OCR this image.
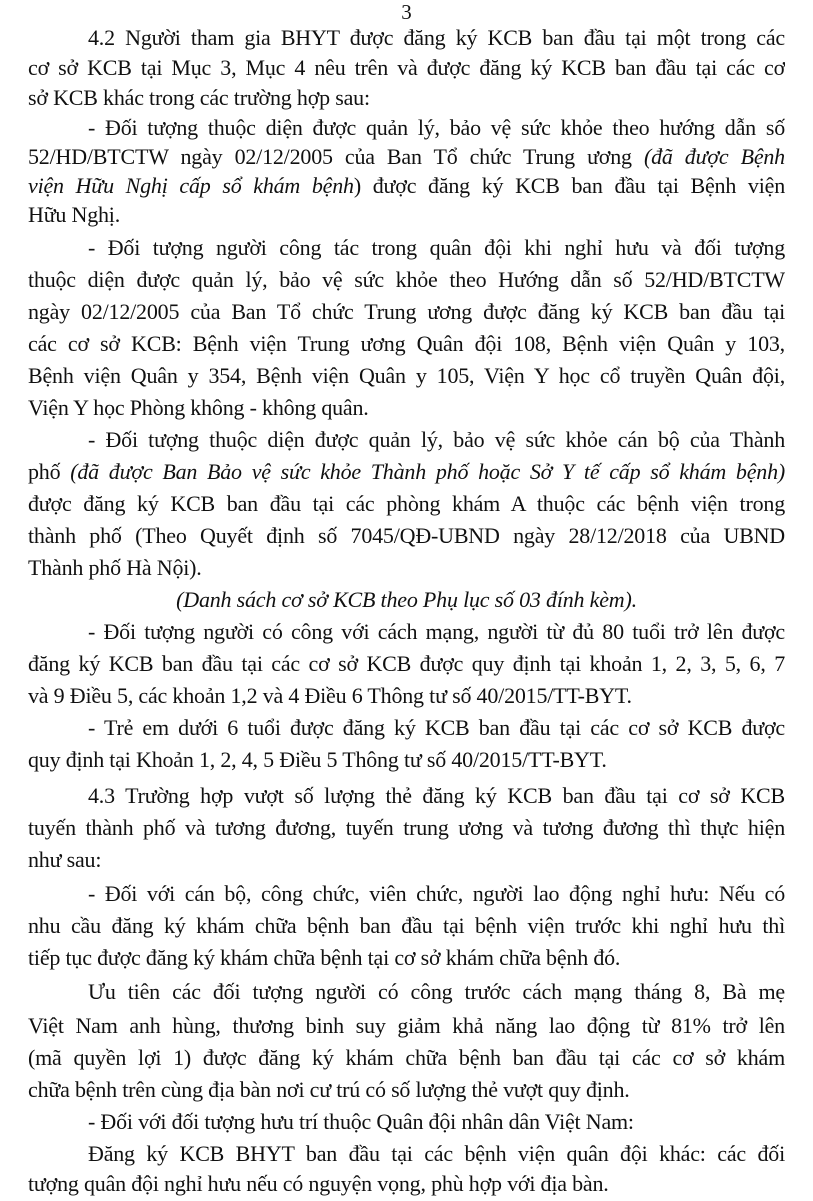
3
4.2 Người tham gia BHYT được đăng ký KCB ban đầu tại một trong các
cơ sở KCB tại Mục 3, Mục 4 nêu trên và được đăng ký KCB ban đầu tại các cơ
sở KCB khác trong các trường hợp sau:
- Đối tượng thuộc diện được quản lý, bảo vệ sức khỏe theo hướng dẫn số
52/HD/BTCTW ngày 02/12/2005 của Ban Tổ chức Trung ương (đã được Bệnh
viện Hữu Nghị cấp sổ khám bệnh) được đăng ký KCB ban đầu tại Bệnh viện
Hữu Nghị.
- Đối tượng người công tác trong quân đội khi nghỉ hưu và đối tượng
thuộc diện được quản lý, bảo vệ sức khỏe theo Hướng dẫn số 52/HD/BTCTW
ngày 02/12/2005 của Ban Tổ chức Trung ương được đăng ký KCB ban đầu tại
các cơ sở KCB: Bệnh viện Trung ương Quân đội 108, Bệnh viện Quân y 103,
Bệnh viện Quân y 354, Bệnh viện Quân y 105, Viện Y học cổ truyền Quân đội,
Viện Y học Phòng không - không quân.
- Đối tượng thuộc diện được quản lý, bảo vệ sức khỏe cán bộ của Thành
phố (đã được Ban Bảo vệ sức khỏe Thành phố hoặc Sở Y tế cấp sổ khám bệnh)
được đăng ký KCB ban đầu tại các phòng khám A thuộc các bệnh viện trong
thành phố (Theo Quyết định số 7045/QĐ-UBND ngày 28/12/2018 của UBND
Thành phố Hà Nội).
(Danh sách cơ sở KCB theo Phụ lục số 03 đính kèm).
- Đối tượng người có công với cách mạng, người từ đủ 80 tuổi trở lên được
đăng ký KCB ban đầu tại các cơ sở KCB được quy định tại khoản 1, 2, 3, 5, 6, 7
và 9 Điều 5, các khoản 1,2 và 4 Điều 6 Thông tư số 40/2015/TT-BYT.
- Trẻ em dưới 6 tuổi được đăng ký KCB ban đầu tại các cơ sở KCB được
quy định tại Khoản 1, 2, 4, 5 Điều 5 Thông tư số 40/2015/TT-BYT.
4.3 Trường hợp vượt số lượng thẻ đăng ký KCB ban đầu tại cơ sở KCB
tuyến thành phố và tương đương, tuyến trung ương và tương đương thì thực hiện
như sau:
- Đối với cán bộ, công chức, viên chức, người lao động nghỉ hưu: Nếu có
nhu cầu đăng ký khám chữa bệnh ban đầu tại bệnh viện trước khi nghỉ hưu thì
tiếp tục được đăng ký khám chữa bệnh tại cơ sở khám chữa bệnh đó.
Ưu tiên các đối tượng người có công trước cách mạng tháng 8, Bà mẹ
Việt Nam anh hùng, thương binh suy giảm khả năng lao động từ 81% trở lên
(mã quyền lợi 1) được đăng ký khám chữa bệnh ban đầu tại các cơ sở khám
chữa bệnh trên cùng địa bàn nơi cư trú có số lượng thẻ vượt quy định.
- Đối với đối tượng hưu trí thuộc Quân đội nhân dân Việt Nam:
Đăng ký KCB BHYT ban đầu tại các bệnh viện quân đội khác: các đối
tượng quân đội nghỉ hưu nếu có nguyện vọng, phù hợp với địa bàn.
